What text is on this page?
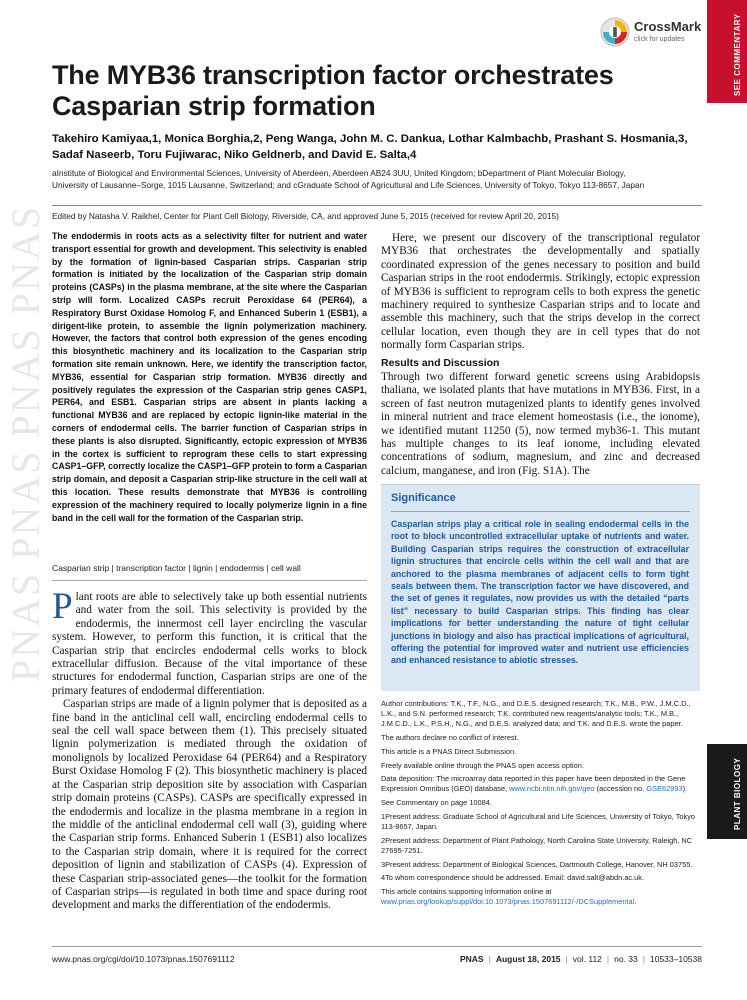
PNAS PNAS PNAS PNAS
SEE COMMENTARY
PLANT BIOLOGY
CrossMark
click for updates
The MYB36 transcription factor orchestrates Casparian strip formation
Takehiro Kamiyaa,1, Monica Borghia,2, Peng Wanga, John M. C. Dankua, Lothar Kalmbachb, Prashant S. Hosmania,3, Sadaf Naseerb, Toru Fujiwarac, Niko Geldnerb, and David E. Salta,4
aInstitute of Biological and Environmental Sciences, University of Aberdeen, Aberdeen AB24 3UU, United Kingdom; bDepartment of Plant Molecular Biology, University of Lausanne–Sorge, 1015 Lausanne, Switzerland; and cGraduate School of Agricultural and Life Sciences, University of Tokyo, Tokyo 113-8657, Japan
Edited by Natasha V. Raikhel, Center for Plant Cell Biology, Riverside, CA, and approved June 5, 2015 (received for review April 20, 2015)
The endodermis in roots acts as a selectivity filter for nutrient and water transport essential for growth and development. This selectivity is enabled by the formation of lignin-based Casparian strips. Casparian strip formation is initiated by the localization of the Casparian strip domain proteins (CASPs) in the plasma membrane, at the site where the Casparian strip will form. Localized CASPs recruit Peroxidase 64 (PER64), a Respiratory Burst Oxidase Homolog F, and Enhanced Suberin 1 (ESB1), a dirigent-like protein, to assemble the lignin polymerization machinery. However, the factors that control both expression of the genes encoding this biosynthetic machinery and its localization to the Casparian strip formation site remain unknown. Here, we identify the transcription factor, MYB36, essential for Casparian strip formation. MYB36 directly and positively regulates the expression of the Casparian strip genes CASP1, PER64, and ESB1. Casparian strips are absent in plants lacking a functional MYB36 and are replaced by ectopic lignin-like material in the corners of endodermal cells. The barrier function of Casparian strips in these plants is also disrupted. Significantly, ectopic expression of MYB36 in the cortex is sufficient to reprogram these cells to start expressing CASP1–GFP, correctly localize the CASP1–GFP protein to form a Casparian strip domain, and deposit a Casparian strip-like structure in the cell wall at this location. These results demonstrate that MYB36 is controlling expression of the machinery required to locally polymerize lignin in a fine band in the cell wall for the formation of the Casparian strip.
Casparian strip | transcription factor | lignin | endodermis | cell wall

Plant roots are able to selectively take up both essential nutrients and water from the soil. This selectivity is provided by the endodermis, the innermost cell layer encircling the vascular system. However, to perform this function, it is critical that the Casparian strip that encircles endodermal cells works to block extracellular diffusion. Because of the vital importance of these structures for endodermal function, Casparian strips are one of the primary features of endodermal differentiation.

Casparian strips are made of a lignin polymer that is deposited as a fine band in the anticlinal cell wall, encircling endodermal cells to seal the cell wall space between them (1). This precisely situated lignin polymerization is mediated through the oxidation of monolignols by localized Peroxidase 64 (PER64) and a Respiratory Burst Oxidase Homolog F (2). This biosynthetic machinery is placed at the Casparian strip deposition site by association with Casparian strip domain proteins (CASPs). CASPs are specifically expressed in the endodermis and localize in the plasma membrane in a region in the middle of the anticlinal endodermal cell wall (3), guiding where the Casparian strip forms. Enhanced Suberin 1 (ESB1) also localizes to the Casparian strip domain, where it is required for the correct deposition of lignin and stabilization of CASPs (4). Expression of these Casparian strip-associated genes—the toolkit for the formation of Casparian strips—is regulated in both time and space during root development and marks the differentiation of the endodermis.

Here, we present our discovery of the transcriptional regulator MYB36 that orchestrates the developmentally and spatially coordinated expression of the genes necessary to position and build Casparian strips in the root endodermis. Strikingly, ectopic expression of MYB36 is sufficient to reprogram cells to both express the genetic machinery required to synthesize Casparian strips and to locate and assemble this machinery, such that the strips develop in the correct cellular location, even though they are in cell types that do not normally form Casparian strips.

Results and Discussion

Through two different forward genetic screens using Arabidopsis thaliana, we isolated plants that have mutations in MYB36. First, in a screen of fast neutron mutagenized plants to identify genes involved in mineral nutrient and trace element homeostasis (i.e., the ionome), we identified mutant 11250 (5), now termed myb36-1. This mutant has multiple changes to its leaf ionome, including elevated concentrations of sodium, magnesium, and zinc and decreased calcium, manganese, and iron (Fig. S1A). The

Significance
Casparian strips play a critical role in sealing endodermal cells in the root to block uncontrolled extracellular uptake of nutrients and water. Building Casparian strips requires the construction of extracellular lignin structures that encircle cells within the cell wall and that are anchored to the plasma membranes of adjacent cells to form tight seals between them. The transcription factor we have discovered, and the set of genes it regulates, now provides us with the detailed “parts list” necessary to build Casparian strips. This finding has clear implications for better understanding the nature of tight cellular junctions in biology and also has practical implications of agricultural, offering the potential for improved water and nutrient use efficiencies and enhanced resistance to abiotic stresses.

Author contributions: T.K., T.F., N.G., and D.E.S. designed research; T.K., M.B., P.W., J.M.C.D., L.K., and S.N. performed research; T.K. contributed new reagents/analytic tools; T.K., M.B., J.M.C.D., L.K., P.S.H., N.G., and D.E.S. analyzed data; and T.K. and D.E.S. wrote the paper.

The authors declare no conflict of interest.

This article is a PNAS Direct Submission.

Freely available online through the PNAS open access option.

Data deposition: The microarray data reported in this paper have been deposited in the Gene Expression Omnibus (GEO) database, www.ncbi.nlm.nih.gov/geo (accession no. GSE62993).

See Commentary on page 10084.

1Present address: Graduate School of Agricultural and Life Sciences, University of Tokyo, Tokyo 113-8657, Japan.

2Present address: Department of Plant Pathology, North Carolina State University, Raleigh, NC 27695-7251.

3Present address: Department of Biological Sciences, Dartmouth College, Hanover, NH 03755.

4To whom correspondence should be addressed. Email: david.salt@abdn.ac.uk.

This article contains supporting information online at www.pnas.org/lookup/suppl/doi:10.1073/pnas.1507691112/-/DCSupplemental.

www.pnas.org/cgi/doi/10.1073/pnas.1507691112	PNAS | August 18, 2015 | vol. 112 | no. 33 | 10533–10538
